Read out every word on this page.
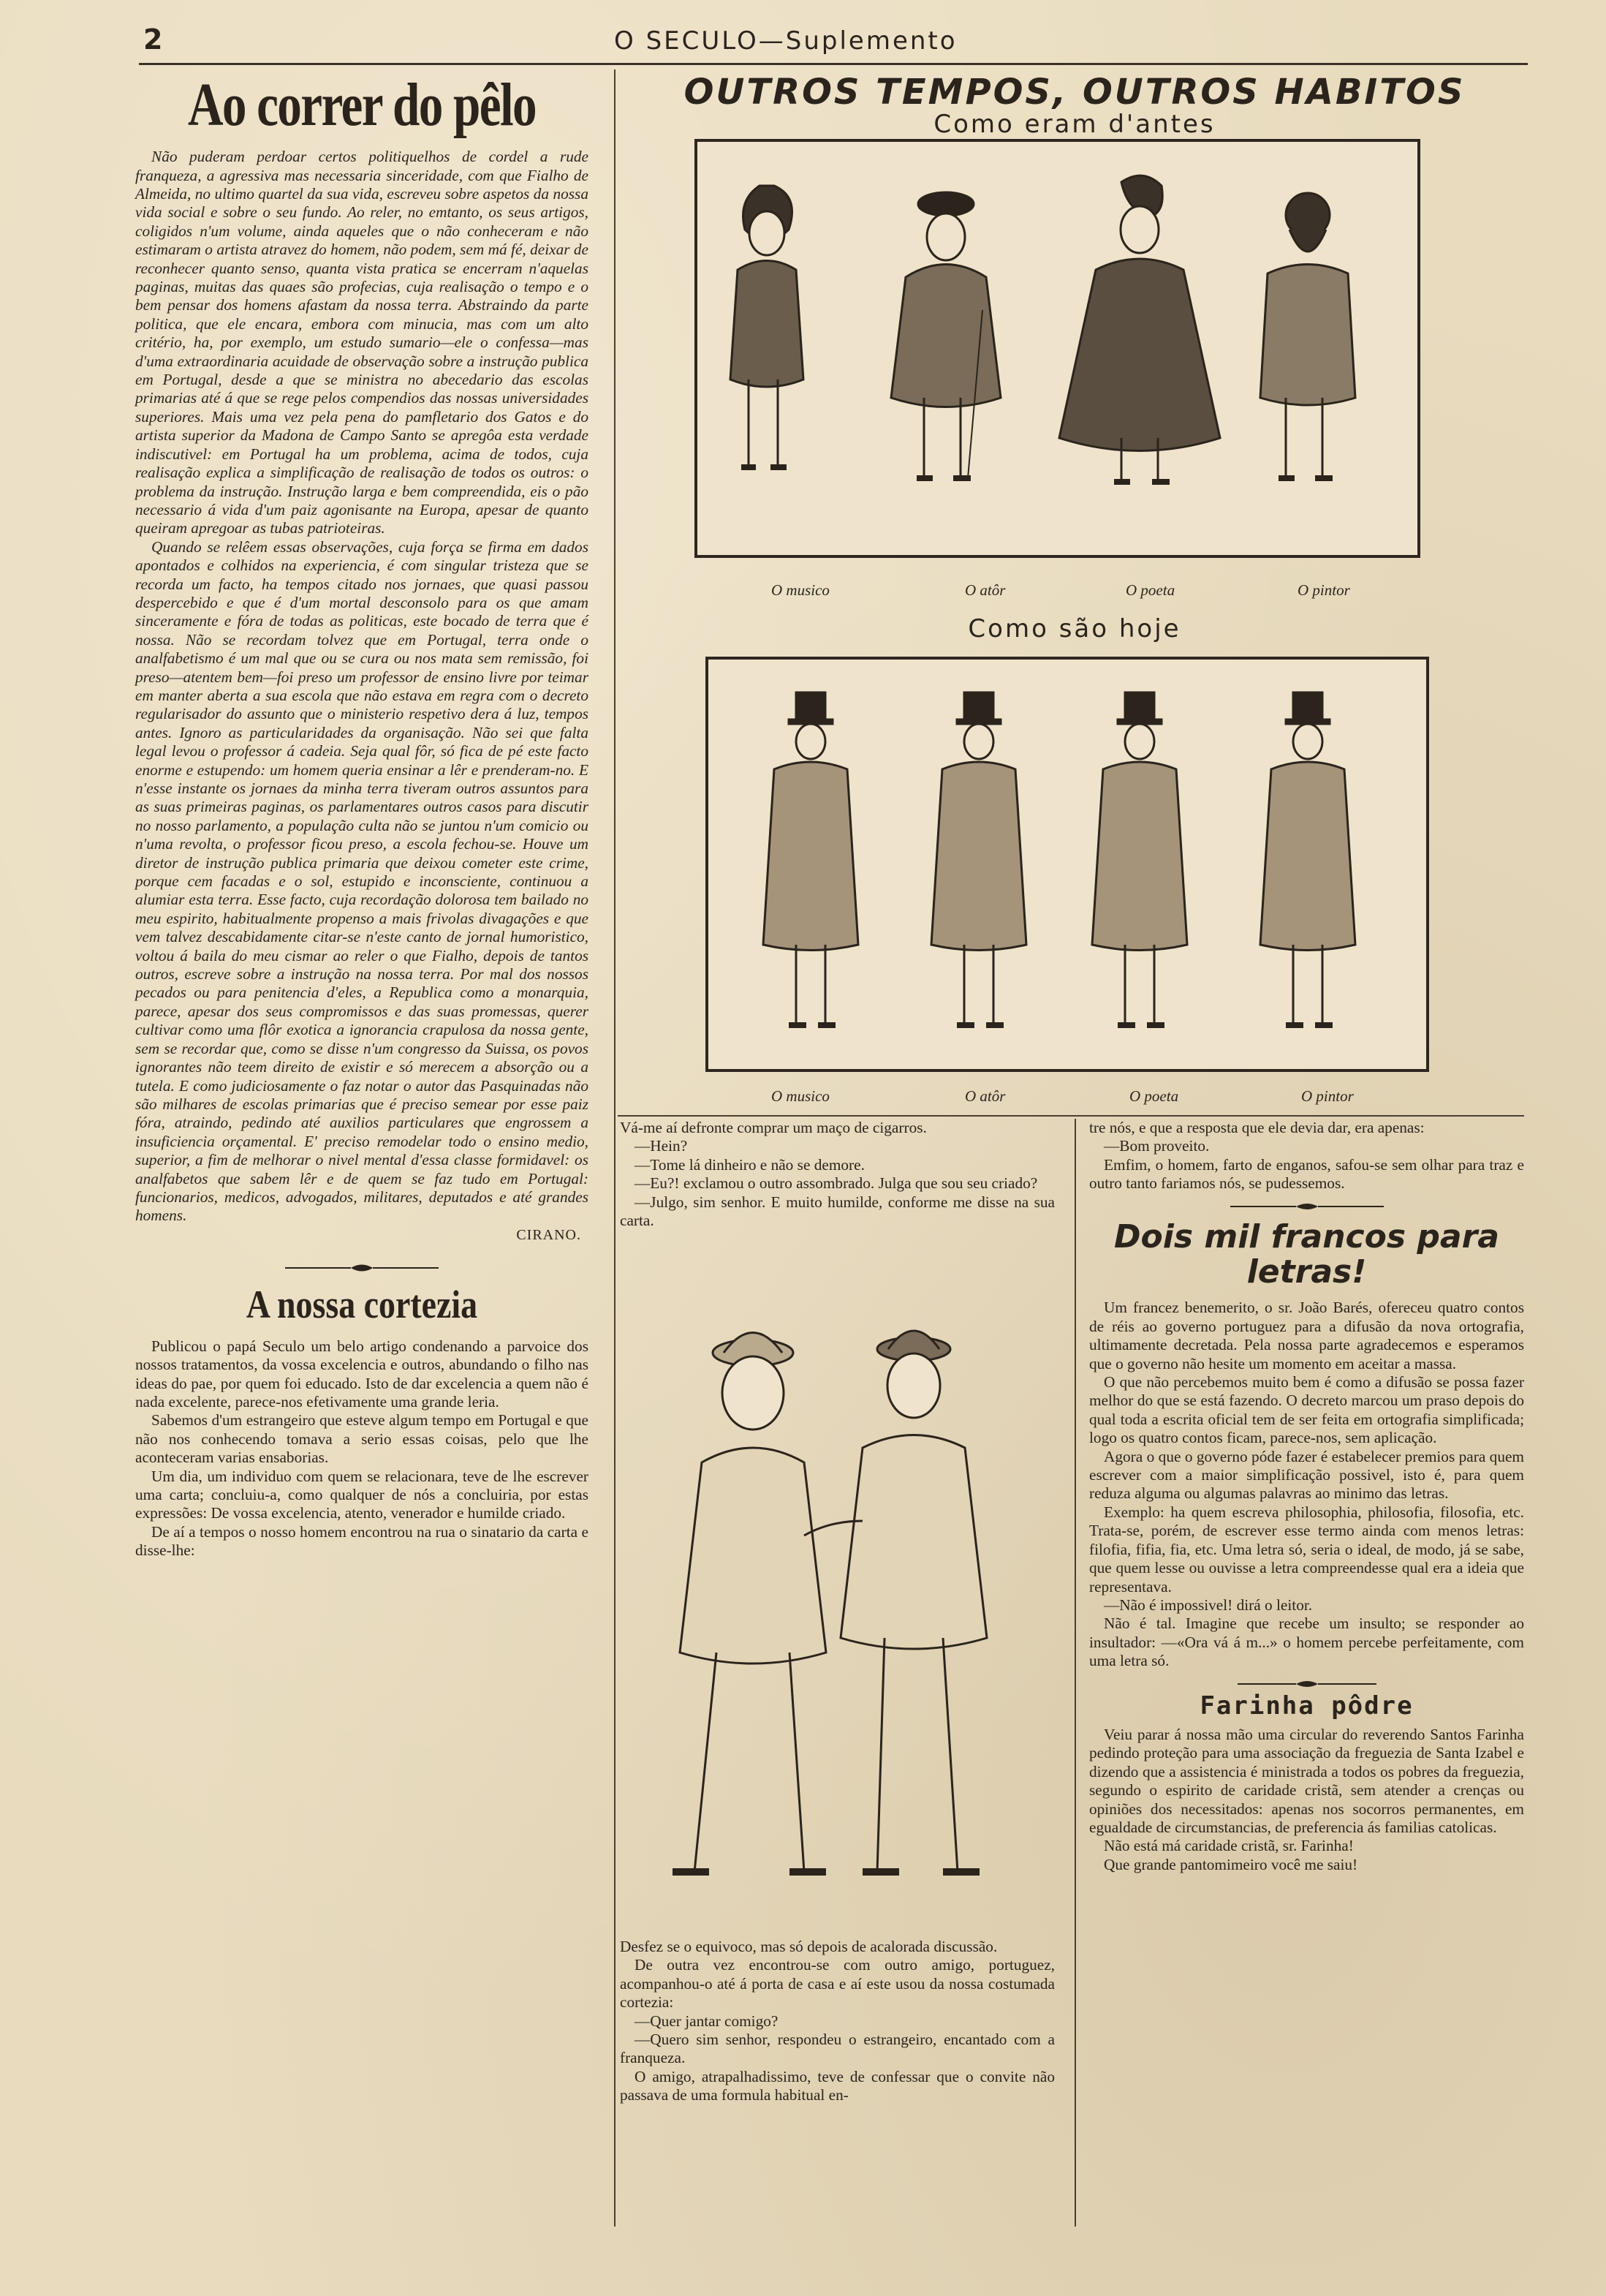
2	O SECULO—Suplemento
Ao correr do pêlo

Não puderam perdoar certos politiquelhos de cordel a rude franqueza, a agressiva mas necessaria sinceridade, com que Fialho de Almeida, no ultimo quartel da sua vida, escreveu sobre aspetos da nossa vida social e sobre o seu fundo. Ao reler, no emtanto, os seus artigos, coligidos n'um volume, ainda aqueles que o não conheceram e não estimaram o artista atravez do homem, não podem, sem má fé, deixar de reconhecer quanto senso, quanta vista pratica se encerram n'aquelas paginas, muitas das quaes são profecias, cuja realisação o tempo e o bem pensar dos homens afastam da nossa terra. Abstraindo da parte politica, que ele encara, embora com minucia, mas com um alto critério, ha, por exemplo, um estudo sumario—ele o confessa—mas d'uma extraordinaria acuidade de observação sobre a instrução publica em Portugal, desde a que se ministra no abecedario das escolas primarias até á que se rege pelos compendios das nossas universidades superiores. Mais uma vez pela pena do pamfletario dos Gatos e do artista superior da Madona de Campo Santo se apregôa esta verdade indiscutivel: em Portugal ha um problema, acima de todos, cuja realisação explica a simplificação de realisação de todos os outros: o problema da instrução. Instrução larga e bem compreendida, eis o pão necessario á vida d'um paiz agonisante na Europa, apesar de quanto queiram apregoar as tubas patrioteiras.

Quando se relêem essas observações, cuja força se firma em dados apontados e colhidos na experiencia, é com singular tristeza que se recorda um facto, ha tempos citado nos jornaes, que quasi passou despercebido e que é d'um mortal desconsolo para os que amam sinceramente e fóra de todas as politicas, este bocado de terra que é nossa. Não se recordam tolvez que em Portugal, terra onde o analfabetismo é um mal que ou se cura ou nos mata sem remissão, foi preso—atentem bem—foi preso um professor de ensino livre por teimar em manter aberta a sua escola que não estava em regra com o decreto regularisador do assunto que o ministerio respetivo dera á luz, tempos antes. Ignoro as particularidades da organisação. Não sei que falta legal levou o professor á cadeia. Seja qual fôr, só fica de pé este facto enorme e estupendo: um homem queria ensinar a lêr e prenderam-no. E n'esse instante os jornaes da minha terra tiveram outros assuntos para as suas primeiras paginas, os parlamentares outros casos para discutir no nosso parlamento, a população culta não se juntou n'um comicio ou n'uma revolta, o professor ficou preso, a escola fechou-se. Houve um diretor de instrução publica primaria que deixou cometer este crime, porque cem facadas e o sol, estupido e inconsciente, continuou a alumiar esta terra. Esse facto, cuja recordação dolorosa tem bailado no meu espirito, habitualmente propenso a mais frivolas divagações e que vem talvez descabidamente citar-se n'este canto de jornal humoristico, voltou á baila do meu cismar ao reler o que Fialho, depois de tantos outros, escreve sobre a instrução na nossa terra. Por mal dos nossos pecados ou para penitencia d'eles, a Republica como a monarquia, parece, apesar dos seus compromissos e das suas promessas, querer cultivar como uma flôr exotica a ignorancia crapulosa da nossa gente, sem se recordar que, como se disse n'um congresso da Suissa, os povos ignorantes não teem direito de existir e só merecem a absorção ou a tutela. E como judiciosamente o faz notar o autor das Pasquinadas não são milhares de escolas primarias que é preciso semear por esse paiz fóra, atraindo, pedindo até auxilios particulares que engrossem a insuficiencia orçamental. E' preciso remodelar todo o ensino medio, superior, a fim de melhorar o nivel mental d'essa classe formidavel: os analfabetos que sabem lêr e de quem se faz tudo em Portugal: funcionarios, medicos, advogados, militares, deputados e até grandes homens.

CIRANO.
A nossa cortezia

Publicou o papá Seculo um belo artigo condenando a parvoice dos nossos tratamentos, da vossa excelencia e outros, abundando o filho nas ideas do pae, por quem foi educado. Isto de dar excelencia a quem não é nada excelente, parece-nos efetivamente uma grande leria.

Sabemos d'um estrangeiro que esteve algum tempo em Portugal e que não nos conhecendo tomava a serio essas coisas, pelo que lhe aconteceram varias ensaborias.

Um dia, um individuo com quem se relacionara, teve de lhe escrever uma carta; concluiu-a, como qualquer de nós a concluiria, por estas expressões: De vossa excelencia, atento, venerador e humilde criado.

De aí a tempos o nosso homem encontrou na rua o sinatario da carta e disse-lhe:

OUTROS TEMPOS, OUTROS HABITOS
Como eram d'antes
O musico	O atôr	O poeta	O pintor
Como são hoje
O musico	O atôr	O poeta	O pintor

Vá-me aí defronte comprar um maço de cigarros.

—Hein?

—Tome lá dinheiro e não se demore.

—Eu?! exclamou o outro assombrado. Julga que sou seu criado?

—Julgo, sim senhor. E muito humilde, conforme me disse na sua carta.

Desfez se o equivoco, mas só depois de acalorada discussão.

De outra vez encontrou-se com outro amigo, portuguez, acompanhou-o até á porta de casa e aí este usou da nossa costumada cortezia:

—Quer jantar comigo?

—Quero sim senhor, respondeu o estrangeiro, encantado com a franqueza.

O amigo, atrapalhadissimo, teve de confessar que o convite não passava de uma formula habitual en-

tre nós, e que a resposta que ele devia dar, era apenas:

—Bom proveito.

Emfim, o homem, farto de enganos, safou-se sem olhar para traz e outro tanto fariamos nós, se pudessemos.

Dois mil francos para letras!

Um francez benemerito, o sr. João Barés, ofereceu quatro contos de réis ao governo portuguez para a difusão da nova ortografia, ultimamente decretada. Pela nossa parte agradecemos e esperamos que o governo não hesite um momento em aceitar a massa.

O que não percebemos muito bem é como a difusão se possa fazer melhor do que se está fazendo. O decreto marcou um praso depois do qual toda a escrita oficial tem de ser feita em ortografia simplificada; logo os quatro contos ficam, parece-nos, sem aplicação.

Agora o que o governo póde fazer é estabelecer premios para quem escrever com a maior simplificação possivel, isto é, para quem reduza alguma ou algumas palavras ao minimo das letras.

Exemplo: ha quem escreva philosophia, philosofia, filosofia, etc. Trata-se, porém, de escrever esse termo ainda com menos letras: filofia, fifia, fia, etc. Uma letra só, seria o ideal, de modo, já se sabe, que quem lesse ou ouvisse a letra compreendesse qual era a ideia que representava.

—Não é impossivel! dirá o leitor.

Não é tal. Imagine que recebe um insulto; se responder ao insultador: —«Ora vá á m...» o homem percebe perfeitamente, com uma letra só.

Farinha pôdre

Veiu parar á nossa mão uma circular do reverendo Santos Farinha pedindo proteção para uma associação da freguezia de Santa Izabel e dizendo que a assistencia é ministrada a todos os pobres da freguezia, segundo o espirito de caridade cristã, sem atender a crenças ou opiniões dos necessitados: apenas nos socorros permanentes, em egualdade de circumstancias, de preferencia ás familias catolicas.

Não está má caridade cristã, sr. Farinha!

Que grande pantomimeiro você me saiu!
